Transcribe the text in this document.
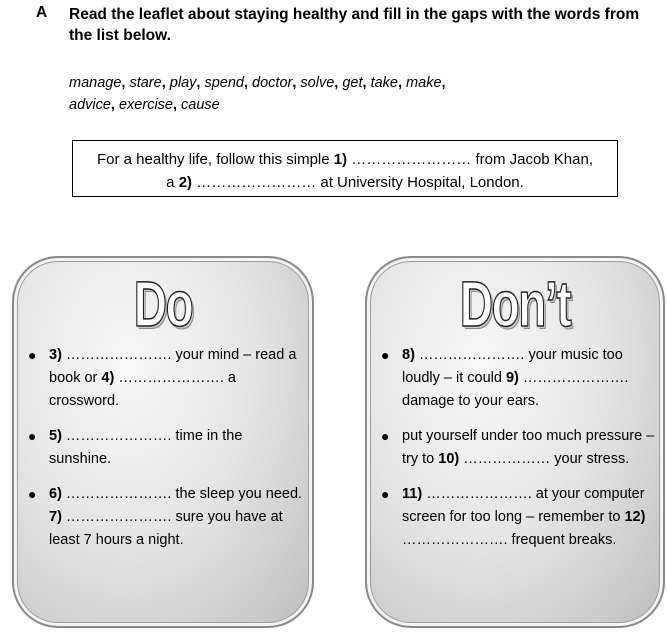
A Read the leaflet about staying healthy and fill in the gaps with the words from the list below.
manage, stare, play, spend, doctor, solve, get, take, make,
advice, exercise, cause
For a healthy life, follow this simple 1) …………………… from Jacob Khan,
a 2) …………………… at University Hospital, London.
Do
● 3) …………………. your mind – read a book or 4) …………………. a crossword.
● 5) …………………. time in the sunshine.
● 6) …………………. the sleep you need. 7) …………………. sure you have at least 7 hours a night.
Don’t
● 8) …………………. your music too loudly – it could 9) …………………. damage to your ears.
● put yourself under too much pressure – try to 10) ……………… your stress.
● 11) …………………. at your computer screen for too long – remember to 12) …………………. frequent breaks.
